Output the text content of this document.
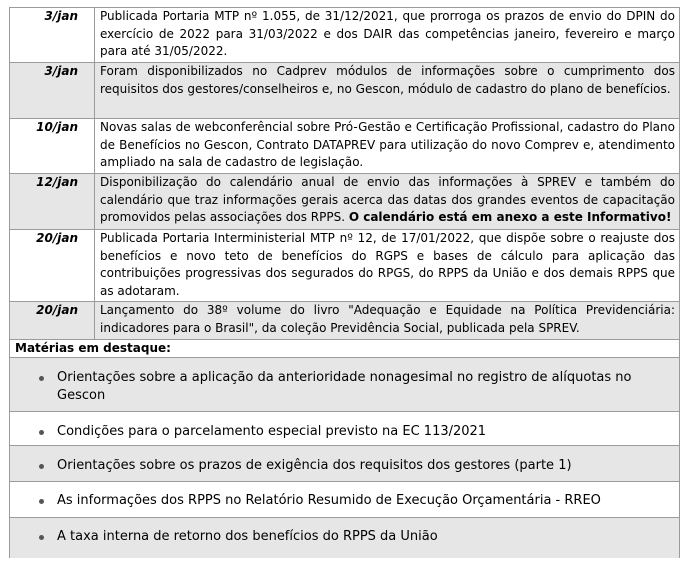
3/jan	Publicada Portaria MTP nº 1.055, de 31/12/2021, que prorroga os prazos de envio do DPIN do exercício de 2022 para 31/03/2022 e dos DAIR das competências janeiro, fevereiro e março para até 31/05/2022.
3/jan	Foram disponibilizados no Cadprev módulos de informações sobre o cumprimento dos requisitos dos gestores/conselheiros e, no Gescon, módulo de cadastro do plano de benefícios.
10/jan	Novas salas de webconferêncial sobre Pró-Gestão e Certificação Profissional, cadastro do Plano de Benefícios no Gescon, Contrato DATAPREV para utilização do novo Comprev e, atendimento ampliado na sala de cadastro de legislação.
12/jan	Disponibilização do calendário anual de envio das informações à SPREV e também do calendário que traz informações gerais acerca das datas dos grandes eventos de capacitação promovidos pelas associações dos RPPS. O calendário está em anexo a este Informativo!
20/jan	Publicada Portaria Interministerial MTP nº 12, de 17/01/2022, que dispõe sobre o reajuste dos benefícios e novo teto de benefícios do RGPS e bases de cálculo para aplicação das contribuições progressivas dos segurados do RPGS, do RPPS da União e dos demais RPPS que as adotaram.
20/jan	Lançamento do 38º volume do livro "Adequação e Equidade na Política Previdenciária: indicadores para o Brasil", da coleção Previdência Social, publicada pela SPREV.
Matérias em destaque:
Orientações sobre a aplicação da anterioridade nonagesimal no registro de alíquotas no Gescon
Condições para o parcelamento especial previsto na EC 113/2021
Orientações sobre os prazos de exigência dos requisitos dos gestores (parte 1)
As informações dos RPPS no Relatório Resumido de Execução Orçamentária - RREO
A taxa interna de retorno dos benefícios do RPPS da União
